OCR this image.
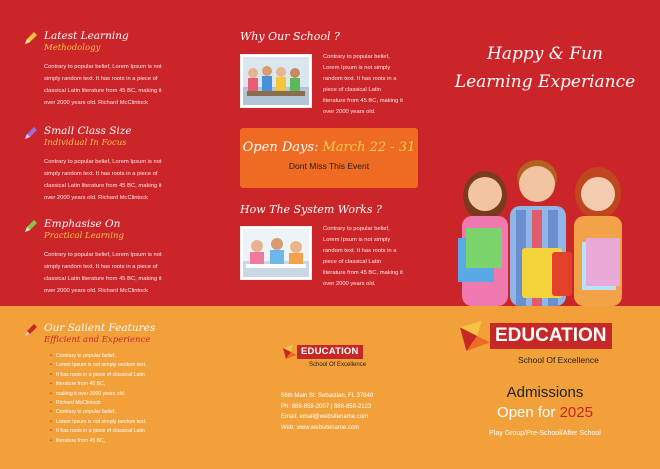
Latest Learning
Methodology

Contrary to popular belief, Lorem Ipsum is not simply random text. It has roots in a piece of classical Latin literature from 45 BC, making it over 2000 years old. Richard McClintock

Small Class Size
Individual In Focus

Contrary to popular belief, Lorem Ipsum is not simply random text. It has roots in a piece of classical Latin literature from 45 BC, making it over 2000 years old. Richard McClintock

Emphasise On
Practical Learning

Contrary to popular belief, Lorem Ipsum is not simply random text. It has roots in a piece of classical Latin literature from 45 BC, making it over 2000 years old. Richard McClintock

Why Our School ?
Contrary to popular belief, Lorem Ipsum is not simply random text. It has roots in a piece of classical Latin literature from 45 BC, making it over 2000 years old.
Open Days: March 22 - 31
Dont Miss This Event
How The System Works ?
Contrary to popular belief, Lorem Ipsum is not simply random text. It has roots in a piece of classical Latin literature from 45 BC, making it over 2000 years old.
Happy & Fun
Learning Experiance
Our Salient Features
Efficient and Experience
• Contrary to popular belief,
• Lorem Ipsum is not simply random text.
• It has roots in a piece of classical Latin
• literature from 45 BC,
• making it over 2000 years old.
• Richard McClintock
• Contrary to popular belief,
• Lorem Ipsum is not simply random text.
• It has roots in a piece of classical Latin
• literature from 45 BC,
EDUCATION
School Of Excellence
56th Main St. Sebastian, FL 37848
Ph: 888-858-2007 | 888-858-2123
Email: email@websitename.com
Web: www.websitename.com
EDUCATION
School Of Excellence
Admissions
Open for 2025
Play Group/Pre-School/After School
